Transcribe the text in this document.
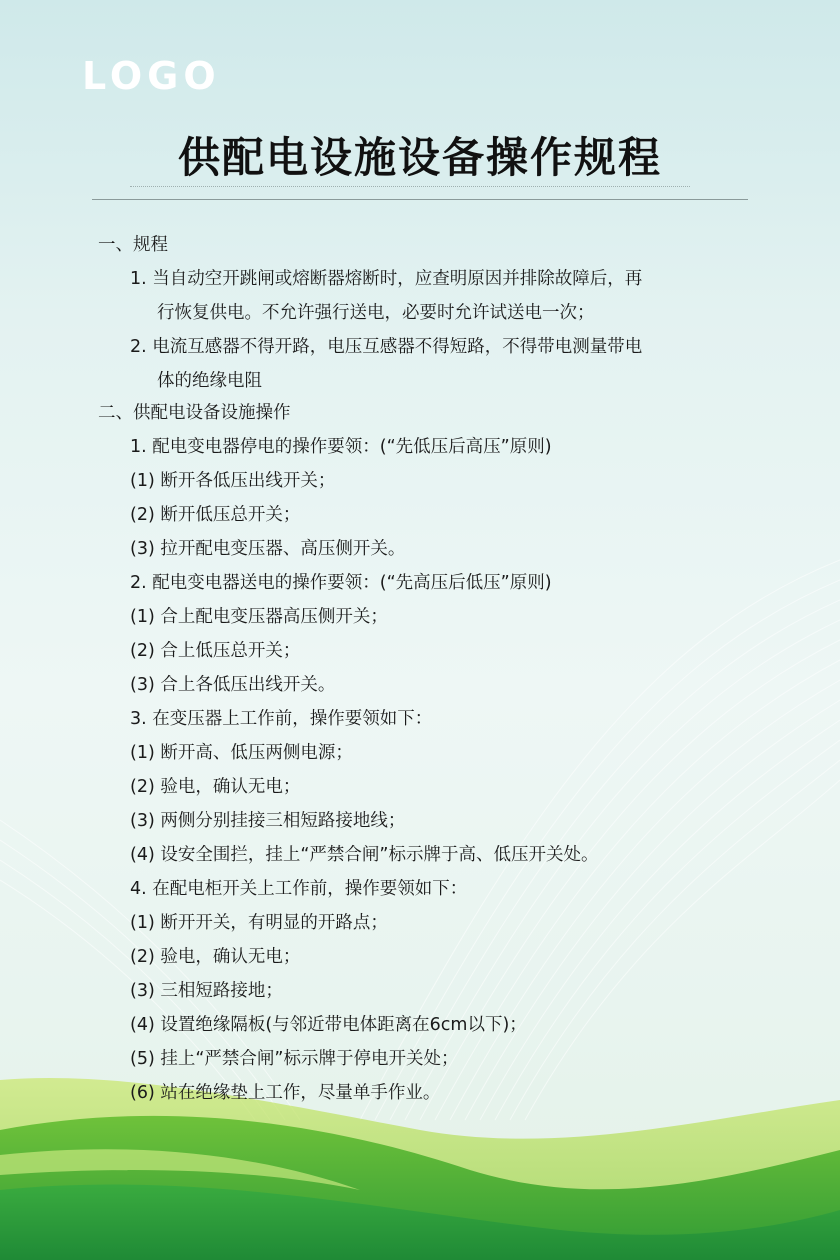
LOGO
供配电设施设备操作规程
一、规程
1. 当自动空开跳闸或熔断器熔断时，应查明原因并排除故障后，再
行恢复供电。不允许强行送电，必要时允许试送电一次；
2. 电流互感器不得开路，电压互感器不得短路，不得带电测量带电
体的绝缘电阻
二、供配电设备设施操作
1. 配电变电器停电的操作要领：(“先低压后高压”原则)
(1) 断开各低压出线开关；
(2) 断开低压总开关；
(3) 拉开配电变压器、高压侧开关。
2. 配电变电器送电的操作要领：(“先高压后低压”原则)
(1) 合上配电变压器高压侧开关；
(2) 合上低压总开关；
(3) 合上各低压出线开关。
3. 在变压器上工作前，操作要领如下：
(1) 断开高、低压两侧电源；
(2) 验电，确认无电；
(3) 两侧分别挂接三相短路接地线；
(4) 设安全围拦，挂上“严禁合闸”标示牌于高、低压开关处。
4. 在配电柜开关上工作前，操作要领如下：
(1) 断开开关，有明显的开路点；
(2) 验电，确认无电；
(3) 三相短路接地；
(4) 设置绝缘隔板(与邻近带电体距离在6cm以下)；
(5) 挂上“严禁合闸”标示牌于停电开关处；
(6) 站在绝缘垫上工作，尽量单手作业。
